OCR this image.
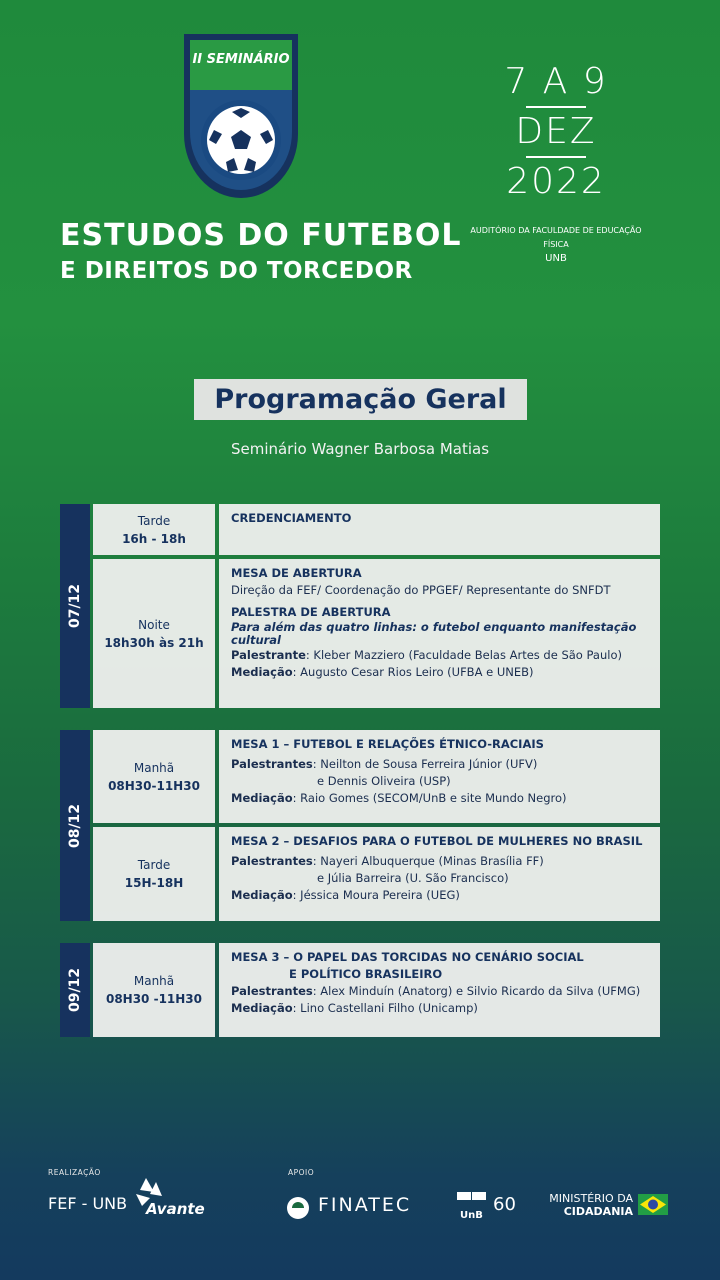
II SEMINÁRIO
ESTUDOS DO FUTEBOL
E DIREITOS DO TORCEDOR
7 A 9
DEZ
2022
AUDITÓRIO DA FACULDADE DE EDUCAÇÃO FÍSICA
UNB
Programação Geral
Seminário Wagner Barbosa Matias
07/12
Tarde
16h - 18h
CREDENCIAMENTO
Noite
18h30h às 21h
MESA DE ABERTURA
Direção da FEF/ Coordenação do PPGEF/ Representante do SNFDT
PALESTRA DE ABERTURA
Para além das quatro linhas: o futebol enquanto manifestação cultural
Palestrante: Kleber Mazziero (Faculdade Belas Artes de São Paulo)
Mediação: Augusto Cesar Rios Leiro (UFBA e UNEB)
08/12
Manhã
08H30-11H30
MESA 1 – FUTEBOL E RELAÇÕES ÉTNICO-RACIAIS
Palestrantes: Neilton de Sousa Ferreira Júnior (UFV)
e Dennis Oliveira (USP)
Mediação: Raio Gomes (SECOM/UnB e site Mundo Negro)
Tarde
15H-18H
MESA 2 – DESAFIOS PARA O FUTEBOL DE MULHERES NO BRASIL
Palestrantes: Nayeri Albuquerque (Minas Brasília FF)
e Júlia Barreira (U. São Francisco)
Mediação: Jéssica Moura Pereira (UEG)
09/12	Manhã
08H30 -11H30
MESA 3 – O PAPEL DAS TORCIDAS NO CENÁRIO SOCIAL
E POLÍTICO BRASILEIRO
Palestrantes: Alex Minduín (Anatorg) e Silvio Ricardo da Silva (UFMG)
Mediação: Lino Castellani Filho (Unicamp)
REALIZAÇÃO
FEF - UNB Avante
APOIO
FINATEC	60
UnB
MINISTÉRIO DA
CIDADANIA
